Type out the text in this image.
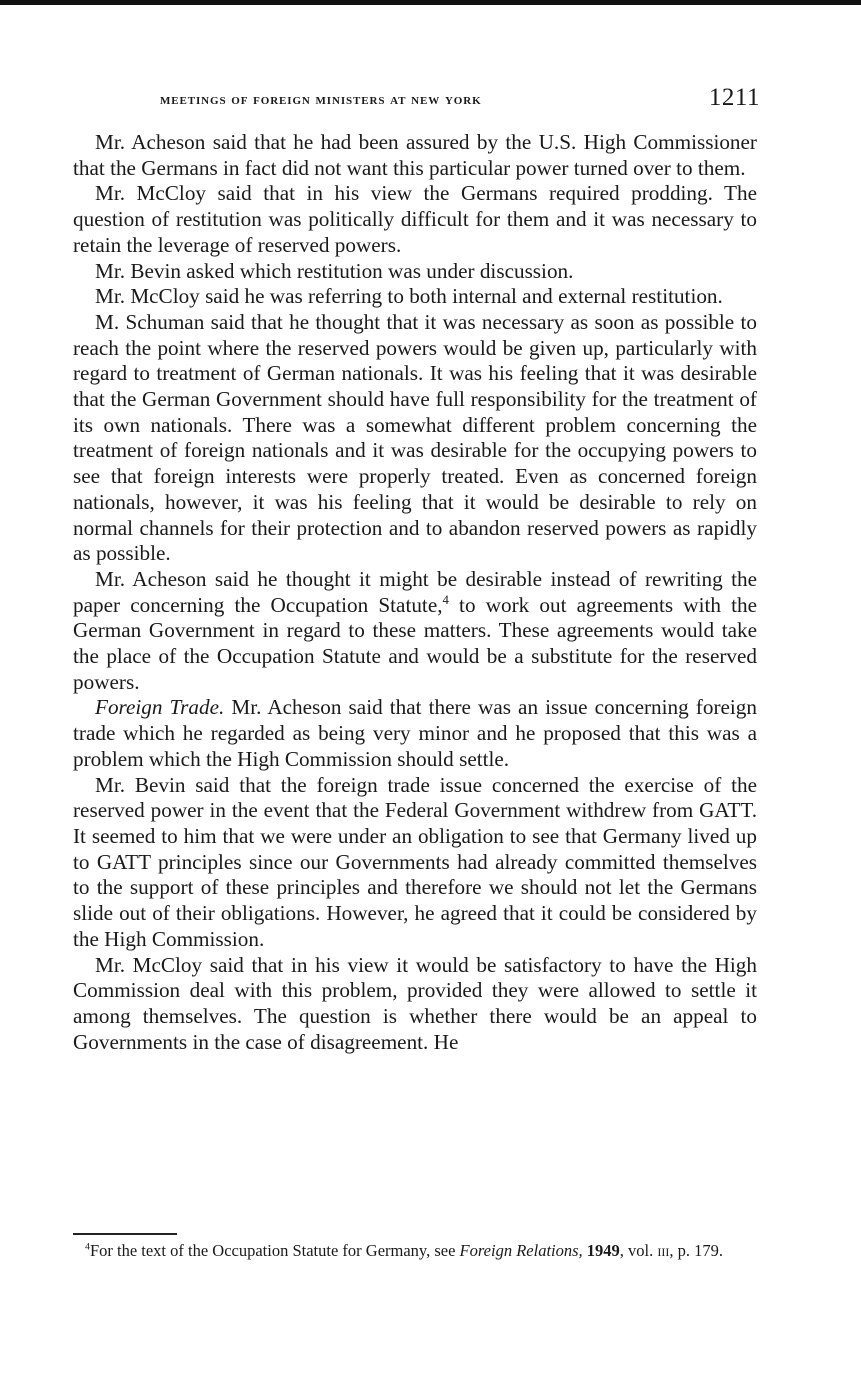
meetings of foreign ministers at new york	1211

Mr. Acheson said that he had been assured by the U.S. High Commissioner that the Germans in fact did not want this particular power turned over to them.

Mr. McCloy said that in his view the Germans required prodding. The question of restitution was politically difficult for them and it was necessary to retain the leverage of reserved powers.

Mr. Bevin asked which restitution was under discussion.

Mr. McCloy said he was referring to both internal and external restitution.

M. Schuman said that he thought that it was necessary as soon as possible to reach the point where the reserved powers would be given up, particularly with regard to treatment of German nationals. It was his feeling that it was desirable that the German Government should have full responsibility for the treatment of its own nationals. There was a somewhat different problem concerning the treatment of foreign nationals and it was desirable for the occupying powers to see that foreign interests were properly treated. Even as concerned foreign nationals, however, it was his feeling that it would be desirable to rely on normal channels for their protection and to abandon reserved powers as rapidly as possible.

Mr. Acheson said he thought it might be desirable instead of rewriting the paper concerning the Occupation Statute,$^4$ to work out agreements with the German Government in regard to these matters. These agreements would take the place of the Occupation Statute and would be a substitute for the reserved powers.

Foreign Trade. Mr. Acheson said that there was an issue concerning foreign trade which he regarded as being very minor and he proposed that this was a problem which the High Commission should settle.

Mr. Bevin said that the foreign trade issue concerned the exercise of the reserved power in the event that the Federal Government withdrew from GATT. It seemed to him that we were under an obligation to see that Germany lived up to GATT principles since our Governments had already committed themselves to the support of these principles and therefore we should not let the Germans slide out of their obligations. However, he agreed that it could be considered by the High Commission.

Mr. McCloy said that in his view it would be satisfactory to have the High Commission deal with this problem, provided they were allowed to settle it among themselves. The question is whether there would be an appeal to Governments in the case of disagreement. He

$^4$For the text of the Occupation Statute for Germany, see Foreign Relations, 1949, vol. iii, p. 179.
